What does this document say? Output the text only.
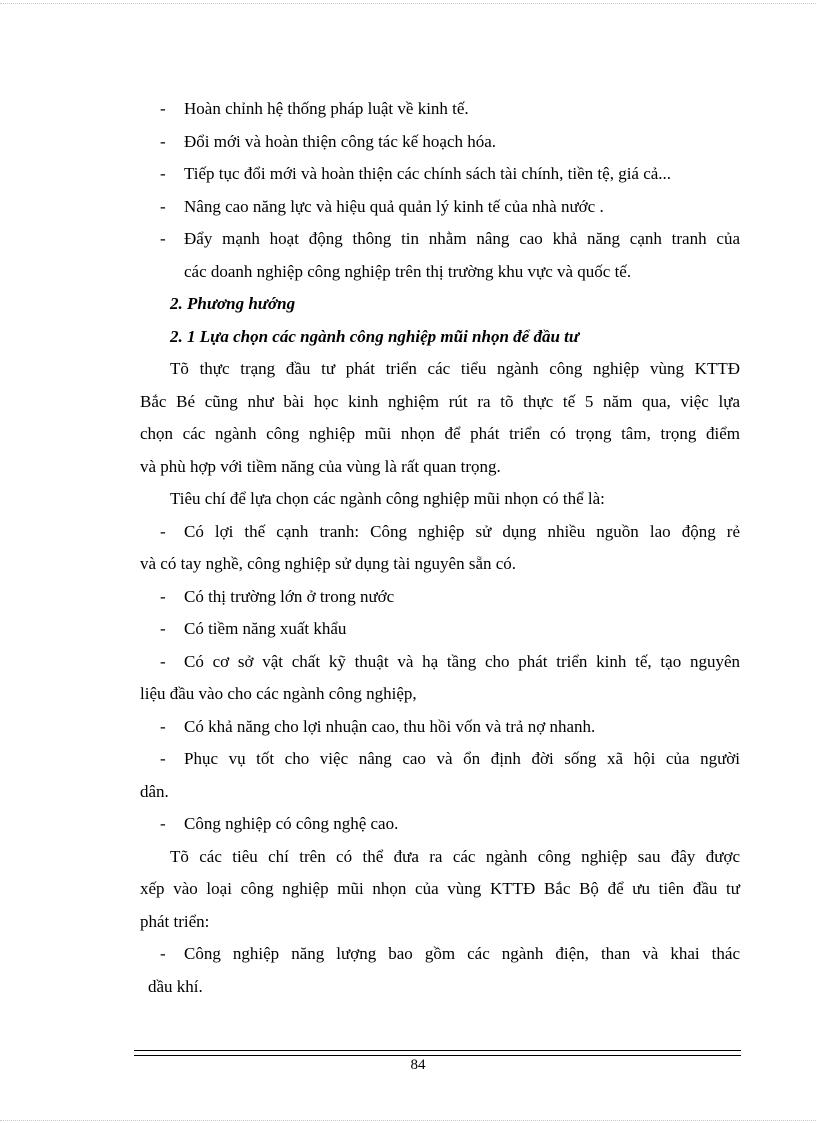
-	Hoàn chỉnh hệ thống pháp luật về kinh tế.
-	Đổi mới và hoàn thiện công tác kế hoạch hóa.
-	Tiếp tục đổi mới và hoàn thiện các chính sách tài chính, tiền tệ, giá cả...
-	Nâng cao năng lực và hiệu quả quản lý kinh tế của nhà nước .
-	Đẩy mạnh hoạt động thông tin nhằm nâng cao khả năng cạnh tranh của
các doanh nghiệp công nghiệp trên thị trường khu vực và quốc tế.
2. Phương hướng
2. 1 Lựa chọn các ngành công nghiệp mũi nhọn để đầu tư
Tõ thực trạng đầu tư phát triển các tiểu ngành công nghiệp vùng KTTĐ
Bắc Bé cũng như bài học kinh nghiệm rút ra tõ thực tế 5 năm qua, việc lựa
chọn các ngành công nghiệp mũi nhọn để phát triển có trọng tâm, trọng điểm
và phù hợp với tiềm năng của vùng là rất quan trọng.
Tiêu chí để lựa chọn các ngành công nghiệp mũi nhọn có thể là:
-	Có lợi thế cạnh tranh: Công nghiệp sử dụng nhiều nguồn lao động rẻ
và có tay nghề, công nghiệp sử dụng tài nguyên sẵn có.
-	Có thị trường lớn ở trong nước
-	Có tiềm năng xuất khẩu
-	Có cơ sở vật chất kỹ thuật và hạ tầng cho phát triển kinh tế, tạo nguyên
liệu đầu vào cho các ngành công nghiệp,
-	Có khả năng cho lợi nhuận cao, thu hồi vốn và trả nợ nhanh.
-	Phục vụ tốt cho việc nâng cao và ổn định đời sống xã hội của người
dân.
-	Công nghiệp có công nghệ cao.
Tõ các tiêu chí trên có thể đưa ra các ngành công nghiệp sau đây được
xếp vào loại công nghiệp mũi nhọn của vùng KTTĐ Bắc Bộ để ưu tiên đầu tư
phát triển:
-	Công nghiệp năng lượng bao gồm các ngành điện, than và khai thác
dầu khí.
84
